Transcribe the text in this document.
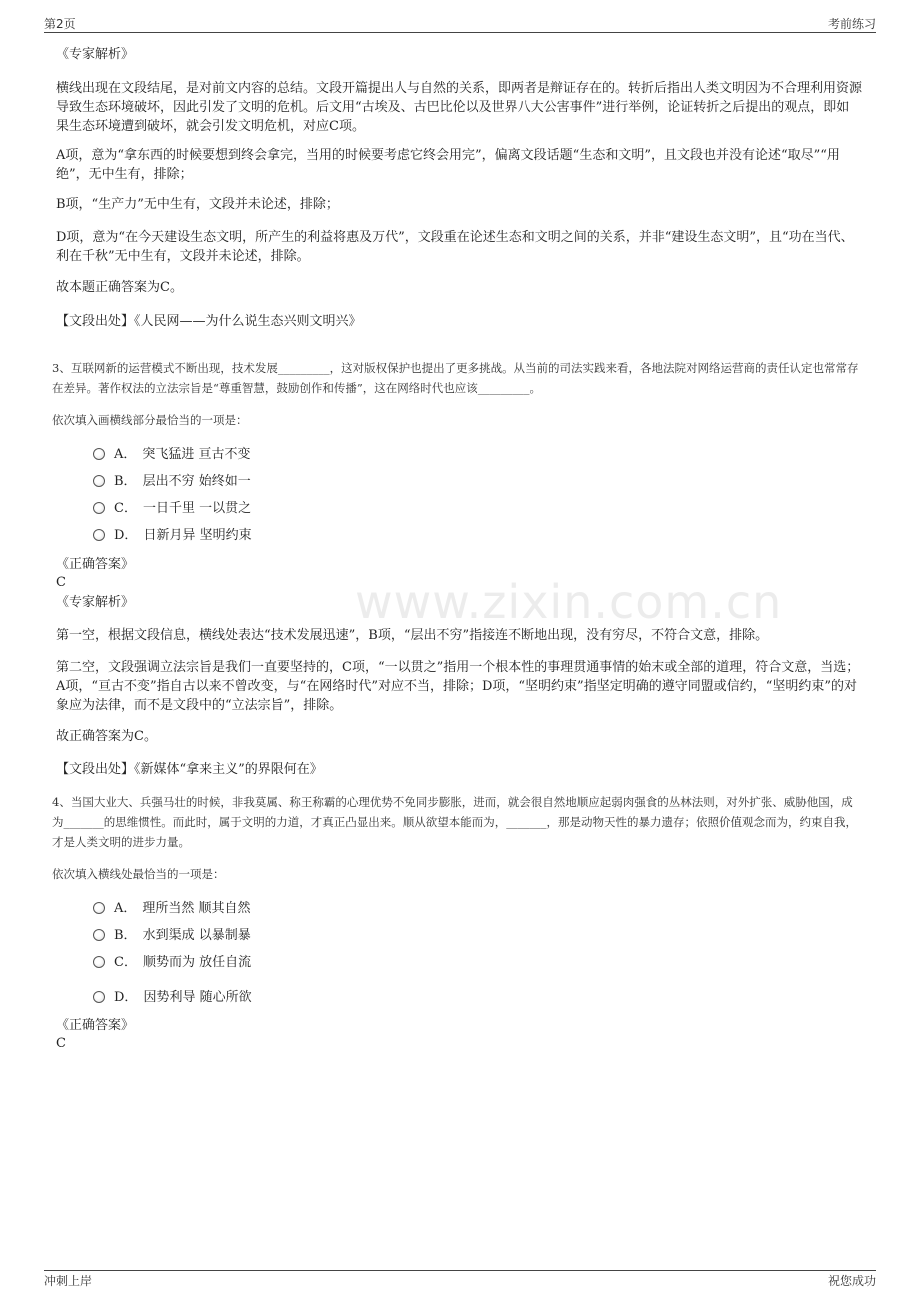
第2页	考前练习
www.zixin.com.cn
《专家解析》
横线出现在文段结尾，是对前文内容的总结。文段开篇提出人与自然的关系，即两者是辩证存在的。转折后指出人类文明因为不合理利用资源导致生态环境破坏，因此引发了文明的危机。后文用“古埃及、古巴比伦以及世界八大公害事件”进行举例，论证转折之后提出的观点，即如果生态环境遭到破坏，就会引发文明危机，对应C项。
A项，意为“拿东西的时候要想到终会拿完，当用的时候要考虑它终会用完”，偏离文段话题“生态和文明”，且文段也并没有论述“取尽”“用绝”，无中生有，排除；
B项，“生产力”无中生有，文段并未论述，排除；
D项，意为“在今天建设生态文明，所产生的利益将惠及万代”，文段重在论述生态和文明之间的关系，并非“建设生态文明”，且“功在当代、利在千秋”无中生有，文段并未论述，排除。
故本题正确答案为C。
【文段出处】《人民网——为什么说生态兴则文明兴》
3、互联网新的运营模式不断出现，技术发展_________，这对版权保护也提出了更多挑战。从当前的司法实践来看，各地法院对网络运营商的责任认定也常常存在差异。著作权法的立法宗旨是“尊重智慧，鼓励创作和传播”，这在网络时代也应该_________。
依次填入画横线部分最恰当的一项是：
A． 突飞猛进 亘古不变
B． 层出不穷 始终如一
C． 一日千里 一以贯之
D． 日新月异 坚明约束
《正确答案》
C
《专家解析》
第一空，根据文段信息，横线处表达“技术发展迅速”，B项，“层出不穷”指接连不断地出现，没有穷尽，不符合文意，排除。
第二空，文段强调立法宗旨是我们一直要坚持的，C项，“一以贯之”指用一个根本性的事理贯通事情的始末或全部的道理，符合文意，当选；A项，“亘古不变”指自古以来不曾改变，与“在网络时代”对应不当，排除；D项，“坚明约束”指坚定明确的遵守同盟或信约，“坚明约束”的对象应为法律，而不是文段中的“立法宗旨”，排除。
故正确答案为C。
【文段出处】《新媒体“拿来主义”的界限何在》
4、当国大业大、兵强马壮的时候，非我莫属、称王称霸的心理优势不免同步膨胀，进而，就会很自然地顺应起弱肉强食的丛林法则，对外扩张、威胁他国，成为_______的思维惯性。而此时，属于文明的力道，才真正凸显出来。顺从欲望本能而为，_______，那是动物天性的暴力遗存；依照价值观念而为，约束自我，才是人类文明的进步力量。
依次填入横线处最恰当的一项是：
A． 理所当然 顺其自然
B． 水到渠成 以暴制暴
C． 顺势而为 放任自流
D． 因势利导 随心所欲
《正确答案》
C
冲刺上岸	祝您成功
